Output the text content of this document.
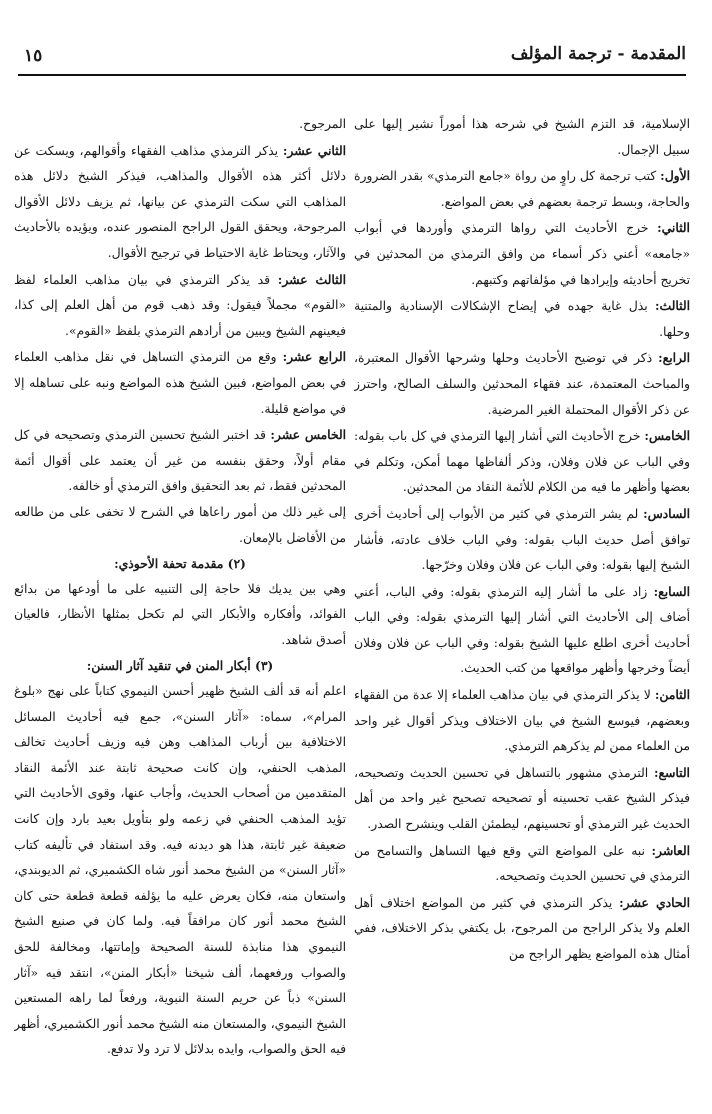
١٥	المقدمة - ترجمة المؤلف

الإسلامية، قد التزم الشيخ في شرحه هذا أموراً نشير إليها على سبيل الإجمال.

الأول: كتب ترجمة كل راوٍ من رواة «جامع الترمذي» بقدر الضرورة والحاجة، وبسط ترجمة بعضهم في بعض المواضع.

الثاني: خرج الأحاديث التي رواها الترمذي وأوردها في أبواب «جامعه» أعني ذكر أسماء من وافق الترمذي من المحدثين في تخريج أحاديثه وإيرادها في مؤلفاتهم وكتبهم.

الثالث: بذل غاية جهده في إيضاح الإشكالات الإسنادية والمتنية وحلها.

الرابع: ذكر في توضيح الأحاديث وحلها وشرحها الأقوال المعتبرة، والمباحث المعتمدة، عند فقهاء المحدثين والسلف الصالح، واحترز عن ذكر الأقوال المحتملة الغير المرضية.

الخامس: خرج الأحاديث التي أشار إليها الترمذي في كل باب بقوله: وفي الباب عن فلان وفلان، وذكر ألفاظها مهما أمكن، وتكلم في بعضها وأظهر ما فيه من الكلام للأئمة النقاد من المحدثين.

السادس: لم يشر الترمذي في كثير من الأبواب إلى أحاديث أخرى توافق أصل حديث الباب بقوله: وفي الباب خلاف عادته، فأشار الشيخ إليها بقوله: وفي الباب عن فلان وفلان وخرّجها.

السابع: زاد على ما أشار إليه الترمذي بقوله: وفي الباب، أعني أضاف إلى الأحاديث التي أشار إليها الترمذي بقوله: وفي الباب أحاديث أخرى اطلع عليها الشيخ بقوله: وفي الباب عن فلان وفلان أيضاً وخرجها وأظهر مواقعها من كتب الحديث.

الثامن: لا يذكر الترمذي في بيان مذاهب العلماء إلا عدة من الفقهاء وبعضهم، فيوسع الشيخ في بيان الاختلاف ويذكر أقوال غير واحد من العلماء ممن لم يذكرهم الترمذي.

التاسع: الترمذي مشهور بالتساهل في تحسين الحديث وتصحيحه، فيذكر الشيخ عقب تحسينه أو تصحيحه تصحيح غير واحد من أهل الحديث غير الترمذي أو تحسينهم، ليطمئن القلب وينشرح الصدر.

العاشر: نبه على المواضع التي وقع فيها التساهل والتسامح من الترمذي في تحسين الحديث وتصحيحه.

الحادي عشر: يذكر الترمذي في كثير من المواضع اختلاف أهل العلم ولا يذكر الراجح من المرجوح، بل يكتفي بذكر الاختلاف، ففي أمثال هذه المواضع يظهر الراجح من

المرجوح.

الثاني عشر: يذكر الترمذي مذاهب الفقهاء وأقوالهم، ويسكت عن دلائل أكثر هذه الأقوال والمذاهب، فيذكر الشيخ دلائل هذه المذاهب التي سكت الترمذي عن بيانها، ثم يزيف دلائل الأقوال المرجوحة، ويحقق القول الراجح المنصور عنده، ويؤيده بالأحاديث والآثار، ويحتاط غاية الاحتياط في ترجيح الأقوال.

الثالث عشر: قد يذكر الترمذي في بيان مذاهب العلماء لفظ «القوم» مجملاً فيقول: وقد ذهب قوم من أهل العلم إلى كذا، فيعينهم الشيخ ويبين من أرادهم الترمذي بلفظ «القوم».

الرابع عشر: وقع من الترمذي التساهل في نقل مذاهب العلماء في بعض المواضع، فبين الشيخ هذه المواضع ونبه على تساهله إلا في مواضع قليلة.

الخامس عشر: قد اختبر الشيخ تحسين الترمذي وتصحيحه في كل مقام أولاً، وحقق بنفسه من غير أن يعتمد على أقوال أئمة المحدثين فقط، ثم بعد التحقيق وافق الترمذي أو خالفه.

إلى غير ذلك من أمور راعاها في الشرح لا تخفى على من طالعه من الأفاضل بالإمعان.

(٢) مقدمة تحفة الأحوذي:

وهي بين يديك فلا حاجة إلى التنبيه على ما أودعها من بدائع الفوائد، وأفكاره والأبكار التي لم تكحل بمثلها الأنظار، فالعيان أصدق شاهد.

(٣) أبكار المنن في تنقيد آثار السنن:

اعلم أنه قد ألف الشيخ ظهير أحسن النيموي كتاباً على نهج «بلوغ المرام»، سماه: «آثار السنن»، جمع فيه أحاديث المسائل الاختلافية بين أرباب المذاهب وهن فيه وزيف أحاديث تخالف المذهب الحنفي، وإن كانت صحيحة ثابتة عند الأئمة النقاد المتقدمين من أصحاب الحديث، وأجاب عنها، وقوى الأحاديث التي تؤيد المذهب الحنفي في زعمه ولو بتأويل بعيد بارد وإن كانت ضعيفة غير ثابتة، هذا هو ديدنه فيه. وقد استفاد في تأليفه كتاب «آثار السنن» من الشيخ محمد أنور شاه الكشميري، ثم الديوبندي، واستعان منه، فكان يعرض عليه ما يؤلفه قطعة قطعة حتى كان الشيخ محمد أنور كان مرافقاً فيه. ولما كان في صنيع الشيخ النيموي هذا منابذة للسنة الصحيحة وإماتتها، ومخالفة للحق والصواب ورفعهما، ألف شيخنا «أبكار المنن»، انتقد فيه «آثار السنن» ذباً عن حريم السنة النبوية، ورفعاً لما راهه المستعين الشيخ النيموي، والمستعان منه الشيخ محمد أنور الكشميري، أظهر فيه الحق والصواب، وايده بدلائل لا ترد ولا تدفع.
